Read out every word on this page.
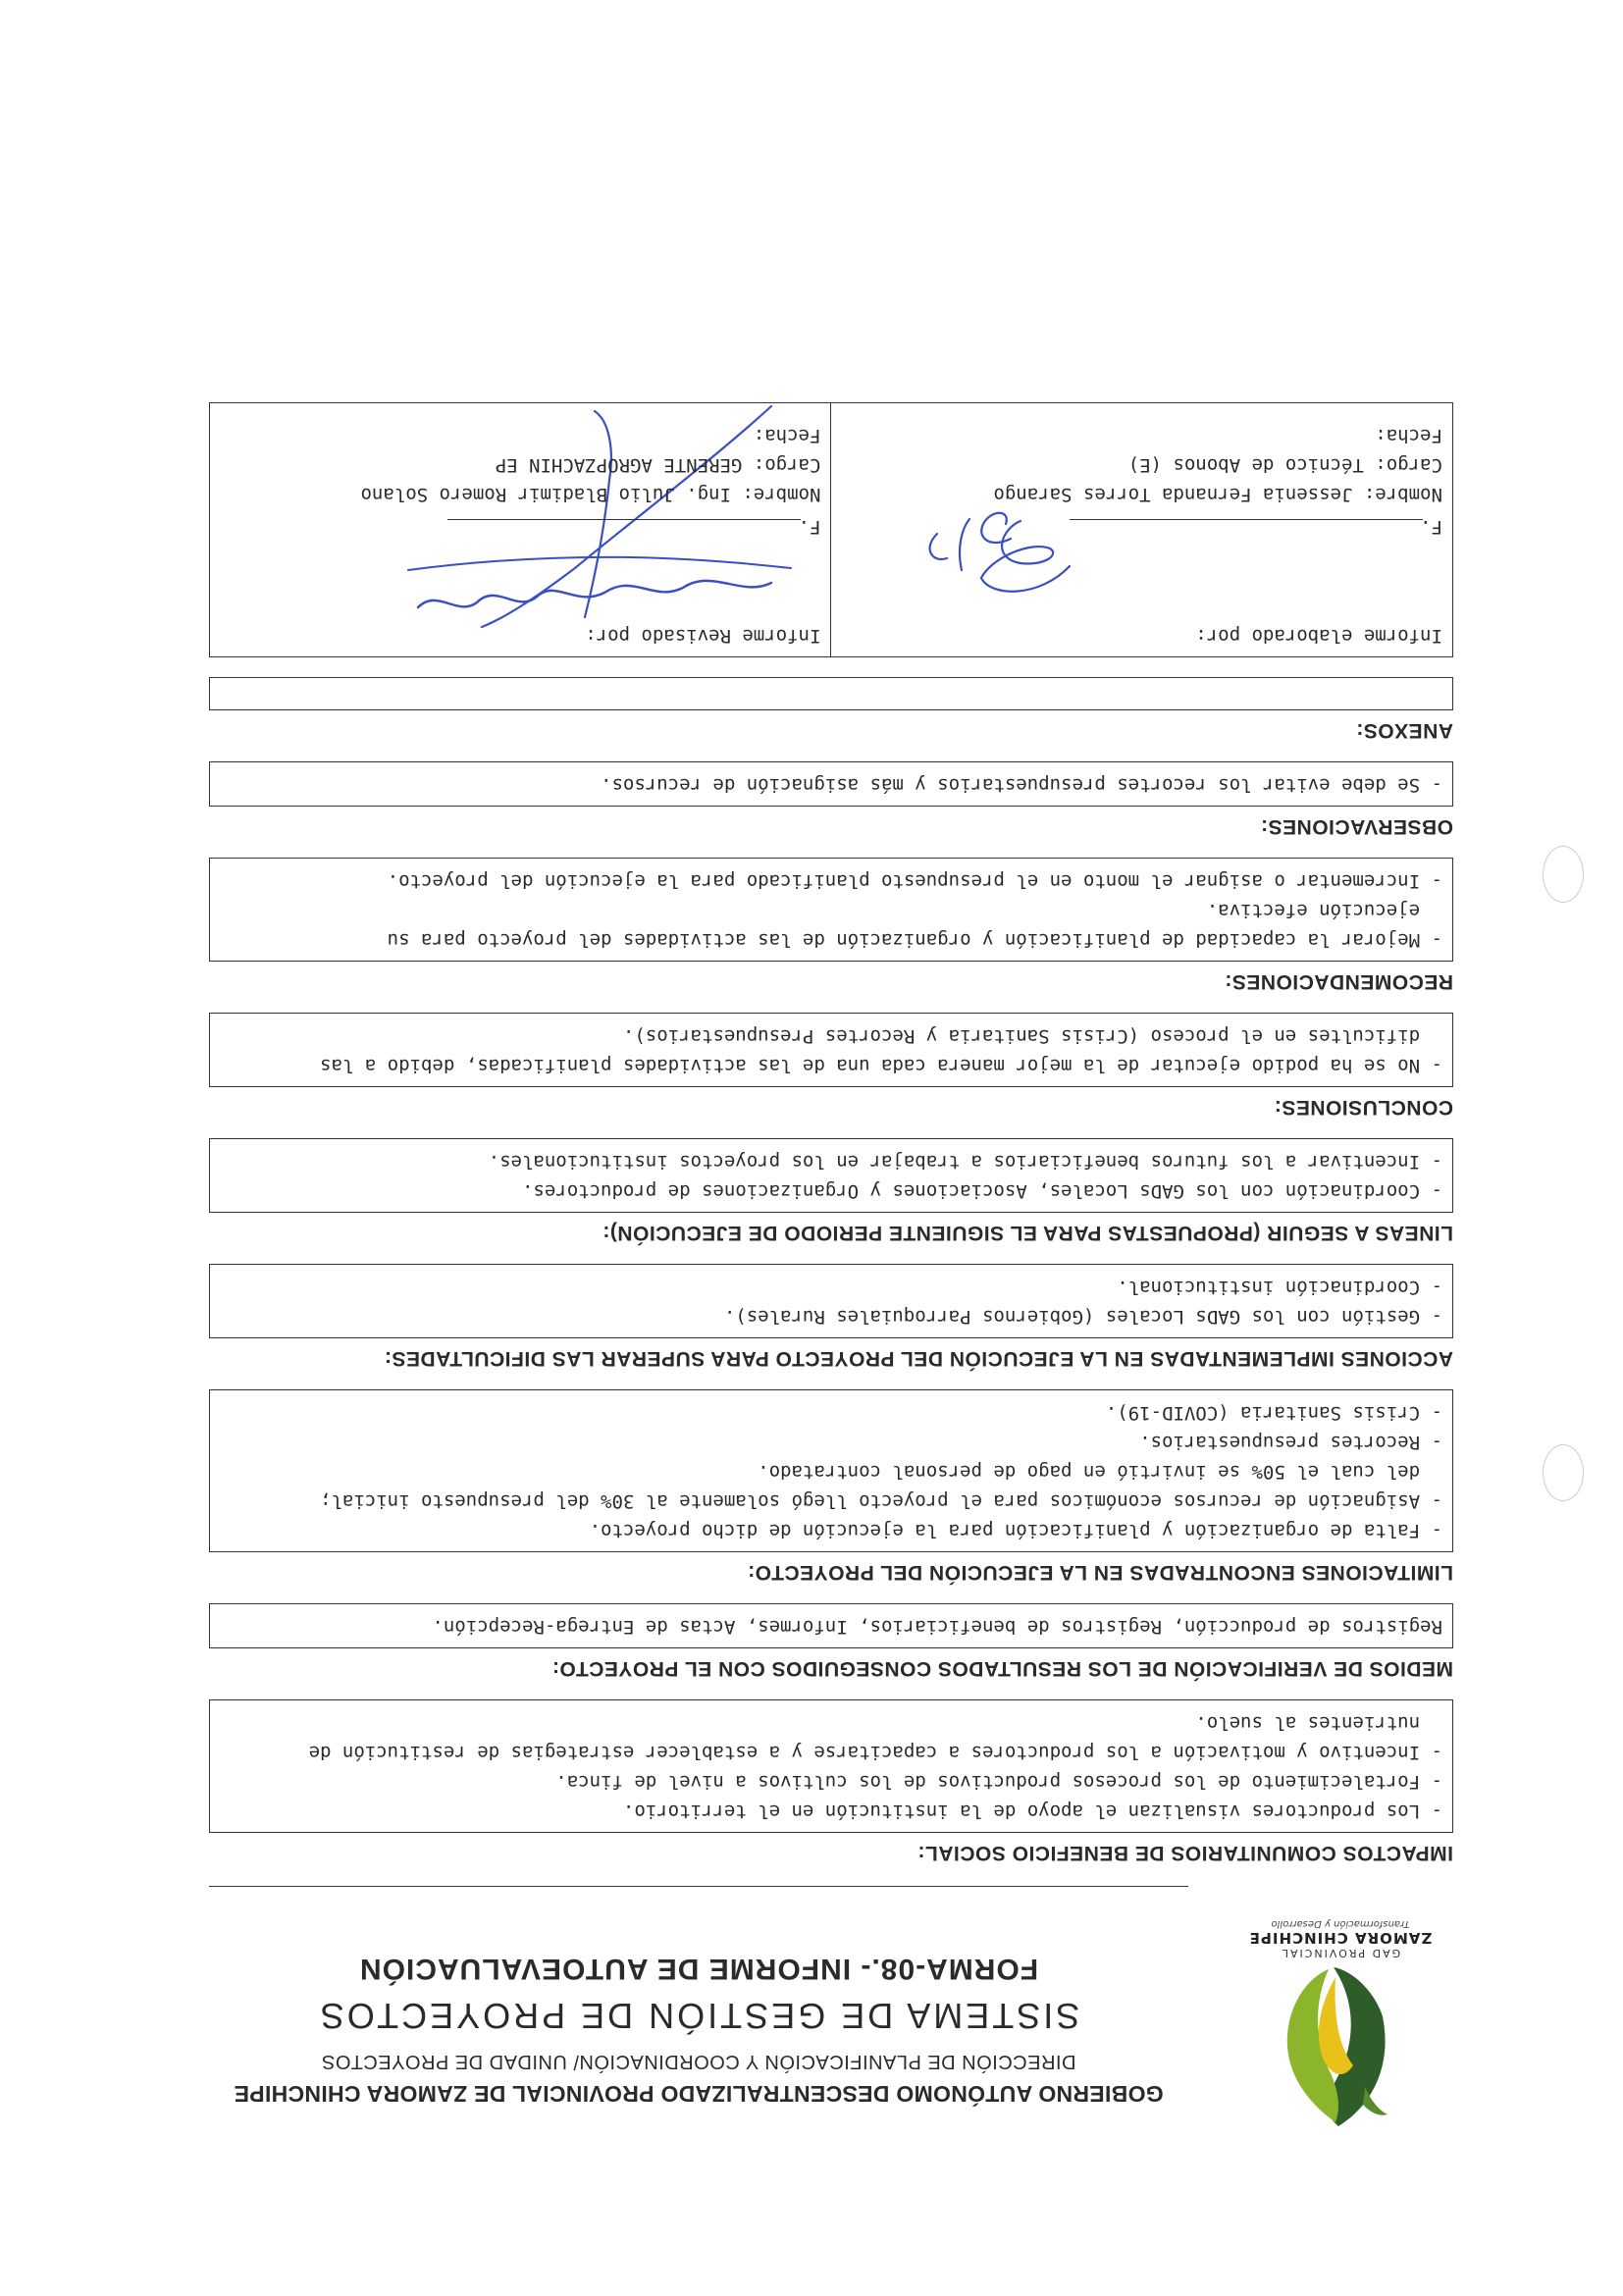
GAD PROVINCIAL
ZAMORA CHINCHIPE
Transformación y Desarrollo
GOBIERNO AUTÓNOMO DESCENTRALIZADO PROVINCIAL DE ZAMORA CHINCHIPE
DIRECCIÓN DE PLANIFICACIÓN Y COORDINACIÓN/ UNIDAD DE PROYECTOS
SISTEMA DE GESTIÓN DE PROYECTOS
FORMA-08.- INFORME DE AUTOEVALUACIÓN
IMPACTOS COMUNITARIOS DE BENEFICIO SOCIAL:
- Los productores visualizan el apoyo de la institución en el territorio.
- Fortalecimiento de los procesos productivos de los cultivos a nivel de finca.
- Incentivo y motivación a los productores a capacitarse y a establecer estrategias de restitución de
nutrientes al suelo.
MEDIOS DE VERIFICACIÓN DE LOS RESULTADOS CONSEGUIDOS CON EL PROYECTO:
Registros de producción, Registros de beneficiarios, Informes, Actas de Entrega-Recepción.
LIMITACIONES ENCONTRADAS EN LA EJECUCIÓN DEL PROYECTO:
- Falta de organización y planificación para la ejecución de dicho proyecto.
- Asignación de recursos económicos para el proyecto llegó solamente al 30% del presupuesto inicial;
del cual el 50% se invirtió en pago de personal contratado.
- Recortes presupuestarios.
- Crisis Sanitaria (COVID-19).
ACCIONES IMPLEMENTADAS EN LA EJECUCIÓN DEL PROYECTO PARA SUPERAR LAS DIFICULTADES:
- Gestión con los GADs Locales (Gobiernos Parroquiales Rurales).
- Coordinación institucional.
LINEAS A SEGUIR (PROPUESTAS PARA EL SIGUIENTE PERIODO DE EJECUCIÓN):
- Coordinación con los GADs Locales, Asociaciones y Organizaciones de productores.
- Incentivar a los futuros beneficiarios a trabajar en los proyectos institucionales.
CONCLUSIONES:
- No se ha podido ejecutar de la mejor manera cada una de las actividades planificadas, debido a las
dificultes en el proceso (Crisis Sanitaria y Recortes Presupuestarios).
RECOMENDACIONES:
- Mejorar la capacidad de planificación y organización de las actividades del proyecto para su
ejecución efectiva.
- Incrementar o asignar el monto en el presupuesto planificado para la ejecución del proyecto.
OBSERVACIONES:
- Se debe evitar los recortes presupuestarios y más asignación de recursos.
ANEXOS:
Informe elaborado por:
F.
Nombre: Jessenia Fernanda Torres Sarango
Cargo: Técnico de Abonos (E)
Fecha:
Informe Revisado por:
F.
Nombre: Ing. Julio Bladimir Romero Solano
Cargo: GERENTE AGROPZACHIN EP
Fecha:
